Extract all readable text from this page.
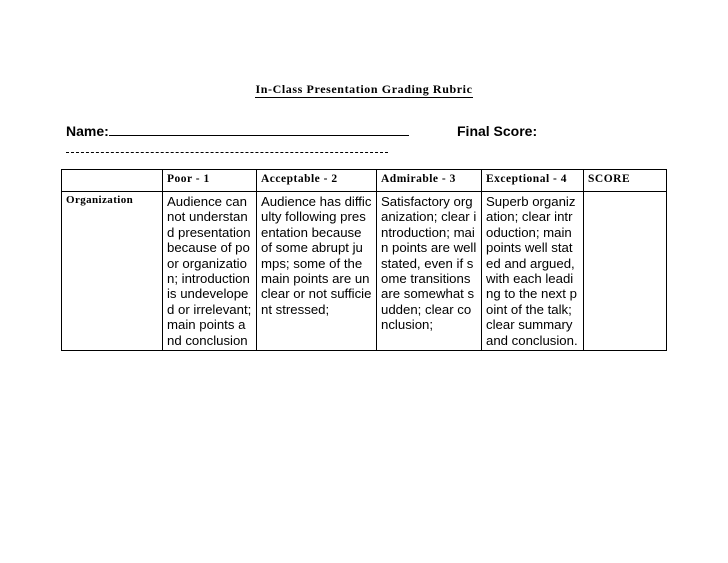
In-Class Presentation Grading Rubric
Name:	Final Score:
	Poor - 1	Acceptable - 2	Admirable - 3	Exceptional - 4	SCORE
Organization	Audience cannot understand presentation because of poor organization; introduction is undeveloped or irrelevant; main points and conclusion	Audience has difficulty following presentation because of some abrupt jumps; some of the main points are unclear or not sufficient stressed;	Satisfactory organization; clear introduction; main points are well stated, even if some transitions are somewhat sudden; clear conclusion;	Superb organization; clear introduction; main points well stated and argued, with each leading to the next point of the talk; clear summary and conclusion.	
